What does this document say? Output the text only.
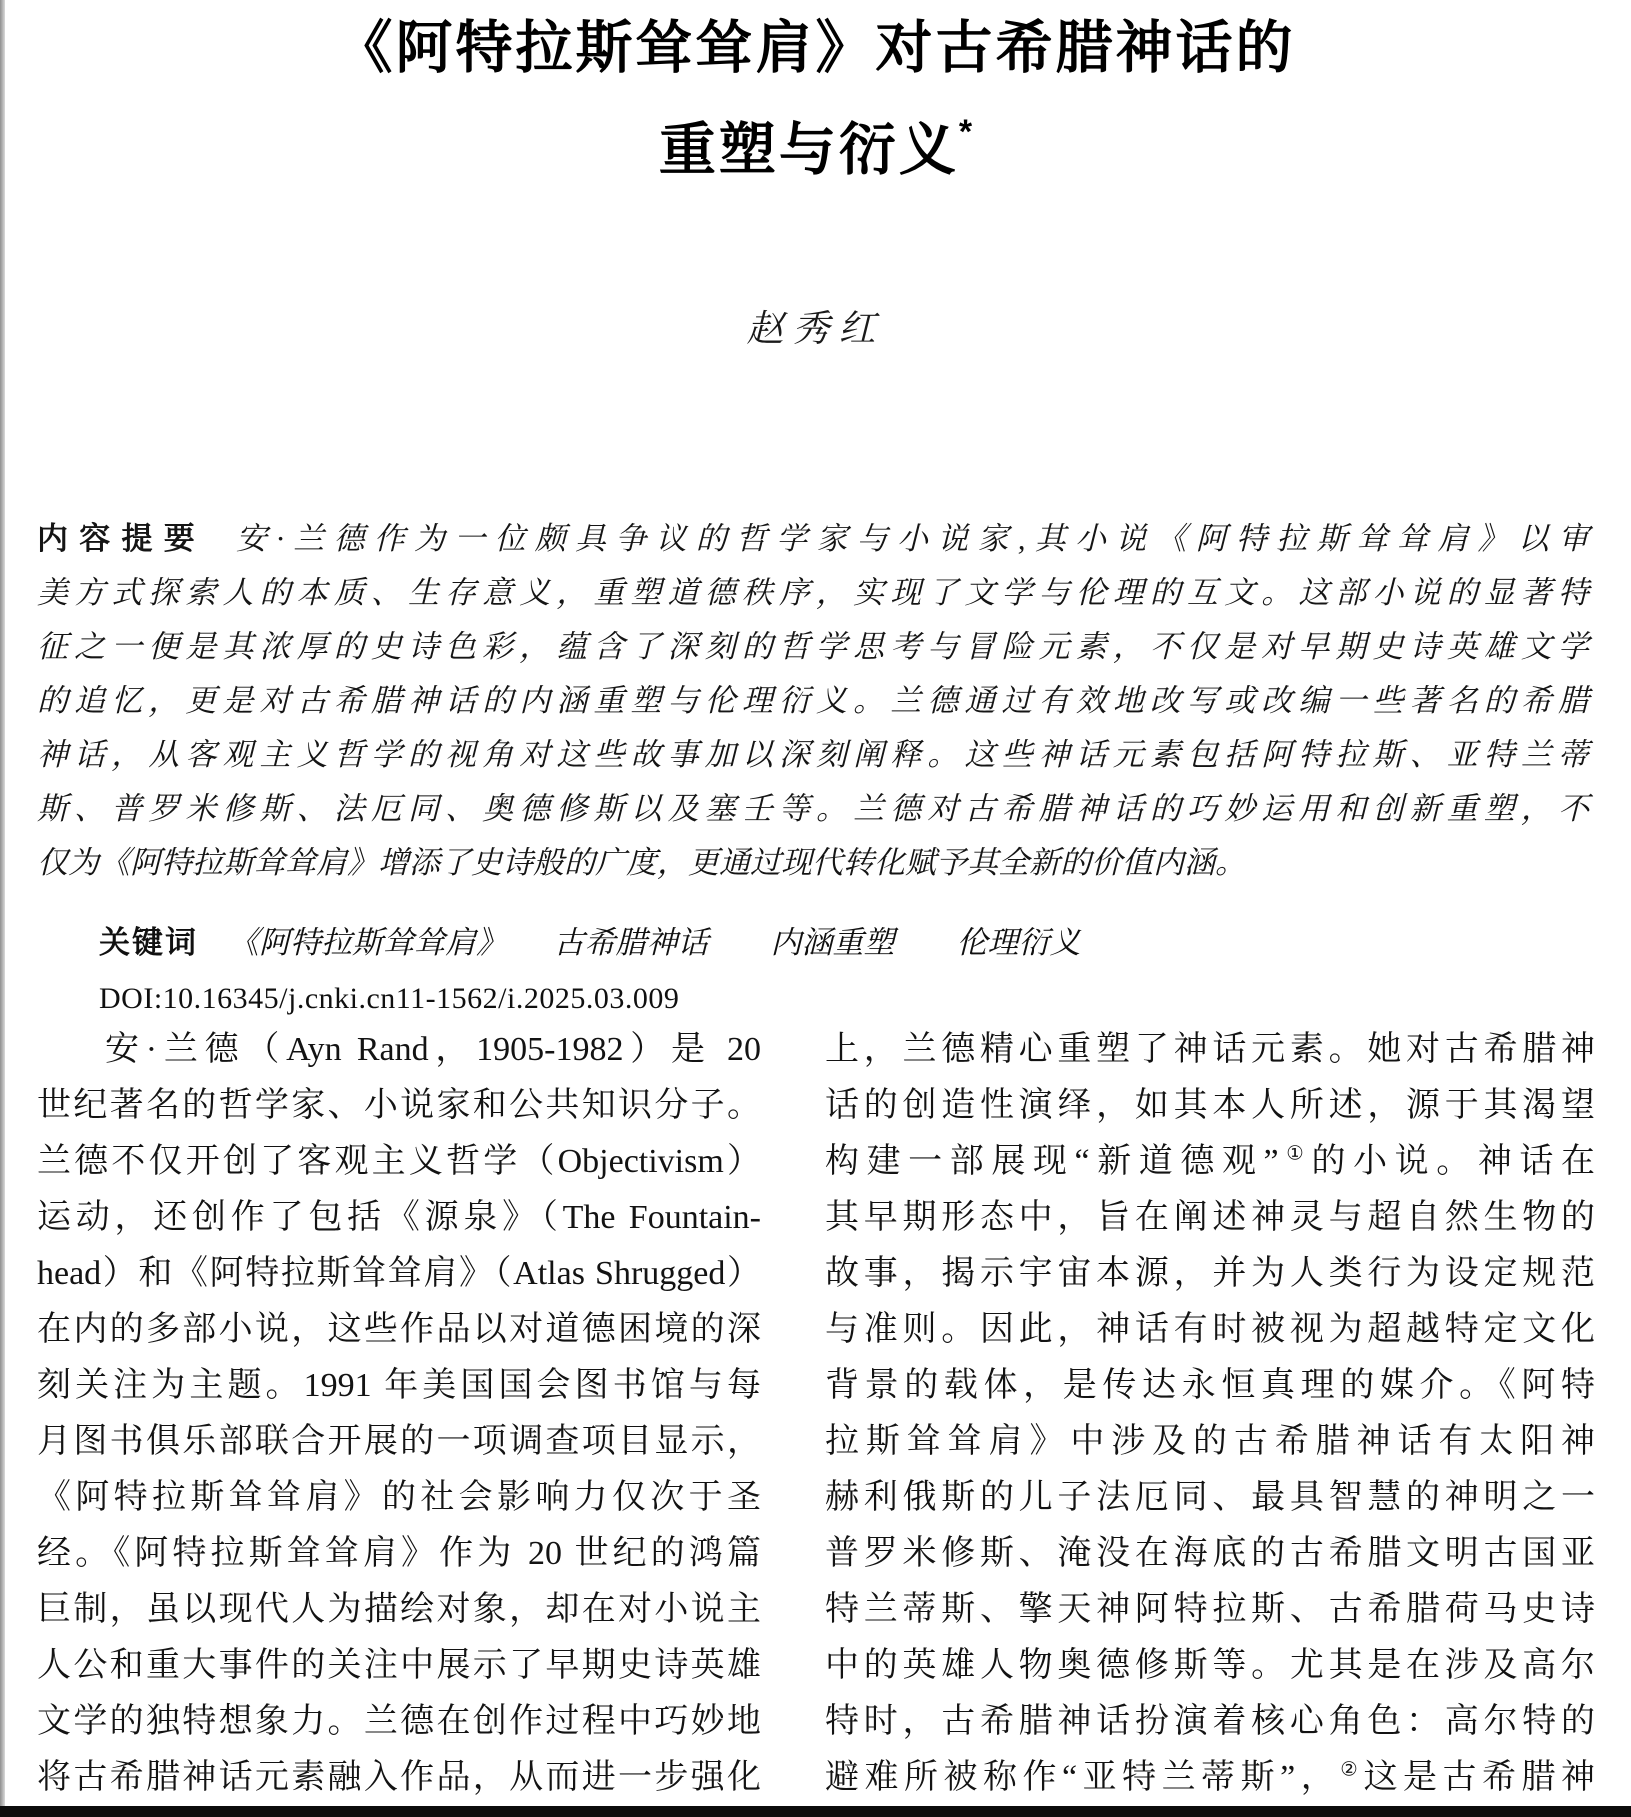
《阿特拉斯耸耸肩》对古希腊神话的
重塑与衍义*
赵秀红
内容提要 安·兰德作为一位颇具争议的哲学家与小说家,其小说《阿特拉斯耸耸肩》以审
美方式探索人的本质、生存意义，重塑道德秩序，实现了文学与伦理的互文。这部小说的显著特
征之一便是其浓厚的史诗色彩，蕴含了深刻的哲学思考与冒险元素，不仅是对早期史诗英雄文学
的追忆，更是对古希腊神话的内涵重塑与伦理衍义。兰德通过有效地改写或改编一些著名的希腊
神话，从客观主义哲学的视角对这些故事加以深刻阐释。这些神话元素包括阿特拉斯、亚特兰蒂
斯、普罗米修斯、法厄同、奥德修斯以及塞壬等。兰德对古希腊神话的巧妙运用和创新重塑，不
仅为《阿特拉斯耸耸肩》增添了史诗般的广度，更通过现代转化赋予其全新的价值内涵。
关键词 《阿特拉斯耸耸肩》　　古希腊神话　　内涵重塑　　伦理衍义
DOI:10.16345/j.cnki.cn11-1562/i.2025.03.009
安·兰德（Ayn Rand，1905-1982）是 20
世纪著名的哲学家、小说家和公共知识分子。
兰德不仅开创了客观主义哲学（Objectivism）
运动，还创作了包括《源泉》（The Fountain-
head）和《阿特拉斯耸耸肩》（Atlas Shrugged）
在内的多部小说，这些作品以对道德困境的深
刻关注为主题。1991 年美国国会图书馆与每
月图书俱乐部联合开展的一项调查项目显示，
《阿特拉斯耸耸肩》的社会影响力仅次于圣
经。《阿特拉斯耸耸肩》作为 20 世纪的鸿篇
巨制，虽以现代人为描绘对象，却在对小说主
人公和重大事件的关注中展示了早期史诗英雄
文学的独特想象力。兰德在创作过程中巧妙地
将古希腊神话元素融入作品，从而进一步强化
上，兰德精心重塑了神话元素。她对古希腊神
话的创造性演绎，如其本人所述，源于其渴望
构建一部展现“新道德观”①的小说。神话在
其早期形态中，旨在阐述神灵与超自然生物的
故事，揭示宇宙本源，并为人类行为设定规范
与准则。因此，神话有时被视为超越特定文化
背景的载体，是传达永恒真理的媒介。《阿特
拉斯耸耸肩》中涉及的古希腊神话有太阳神
赫利俄斯的儿子法厄同、最具智慧的神明之一
普罗米修斯、淹没在海底的古希腊文明古国亚
特兰蒂斯、擎天神阿特拉斯、古希腊荷马史诗
中的英雄人物奥德修斯等。尤其是在涉及高尔
特时，古希腊神话扮演着核心角色：高尔特的
避难所被称作“亚特兰蒂斯”，②这是古希腊神
